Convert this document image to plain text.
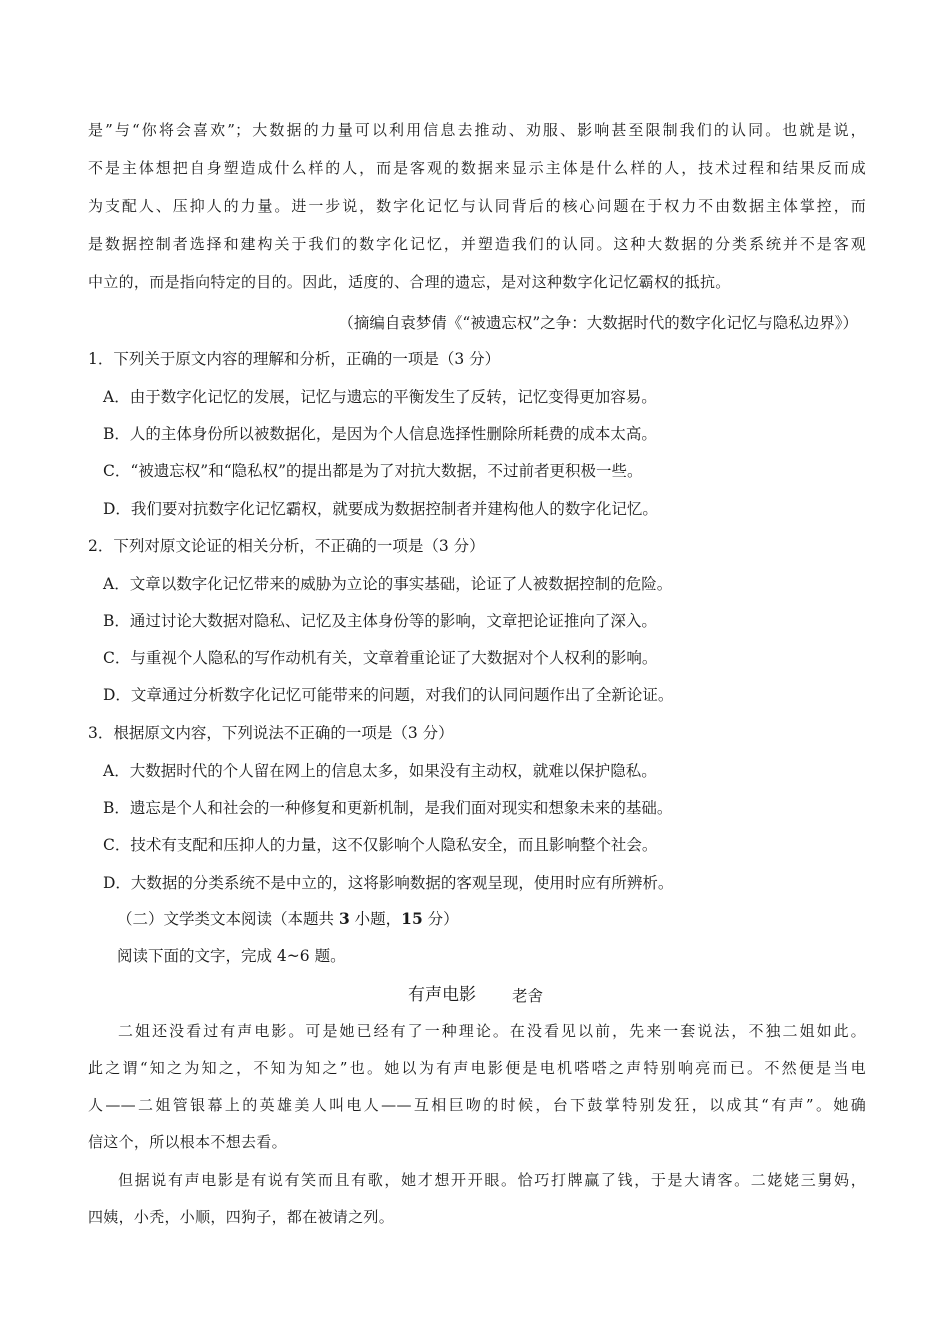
是”与“你将会喜欢”；大数据的力量可以利用信息去推动、劝服、影响甚至限制我们的认同。也就是说，
不是主体想把自身塑造成什么样的人，而是客观的数据来显示主体是什么样的人，技术过程和结果反而成
为支配人、压抑人的力量。进一步说，数字化记忆与认同背后的核心问题在于权力不由数据主体掌控，而
是数据控制者选择和建构关于我们的数字化记忆，并塑造我们的认同。这种大数据的分类系统并不是客观
中立的，而是指向特定的目的。因此，适度的、合理的遗忘，是对这种数字化记忆霸权的抵抗。
（摘编自袁梦倩《“被遗忘权”之争：大数据时代的数字化记忆与隐私边界》）
1．下列关于原文内容的理解和分析，正确的一项是（3 分）
A．由于数字化记忆的发展，记忆与遗忘的平衡发生了反转，记忆变得更加容易。
B．人的主体身份所以被数据化，是因为个人信息选择性删除所耗费的成本太高。
C．“被遗忘权”和“隐私权”的提出都是为了对抗大数据，不过前者更积极一些。
D．我们要对抗数字化记忆霸权，就要成为数据控制者并建构他人的数字化记忆。
2．下列对原文论证的相关分析，不正确的一项是（3 分）
A．文章以数字化记忆带来的威胁为立论的事实基础，论证了人被数据控制的危险。
B．通过讨论大数据对隐私、记忆及主体身份等的影响，文章把论证推向了深入。
C．与重视个人隐私的写作动机有关，文章着重论证了大数据对个人权利的影响。
D．文章通过分析数字化记忆可能带来的问题，对我们的认同问题作出了全新论证。
3．根据原文内容，下列说法不正确的一项是（3 分）
A．大数据时代的个人留在网上的信息太多，如果没有主动权，就难以保护隐私。
B．遗忘是个人和社会的一种修复和更新机制，是我们面对现实和想象未来的基础。
C．技术有支配和压抑人的力量，这不仅影响个人隐私安全，而且影响整个社会。
D．大数据的分类系统不是中立的，这将影响数据的客观呈现，使用时应有所辨析。
（二）文学类文本阅读（本题共 3 小题，15 分）
阅读下面的文字，完成 4~6 题。
有声电影 老舍
二姐还没看过有声电影。可是她已经有了一种理论。在没看见以前，先来一套说法，不独二姐如此。
此之谓“知之为知之，不知为知之”也。她以为有声电影便是电机嗒嗒之声特别响亮而已。不然便是当电
人——二姐管银幕上的英雄美人叫电人——互相巨吻的时候，台下鼓掌特别发狂，以成其“有声”。她确
信这个，所以根本不想去看。
但据说有声电影是有说有笑而且有歌，她才想开开眼。恰巧打牌赢了钱，于是大请客。二姥姥三舅妈，
四姨，小秃，小顺，四狗子，都在被请之列。
